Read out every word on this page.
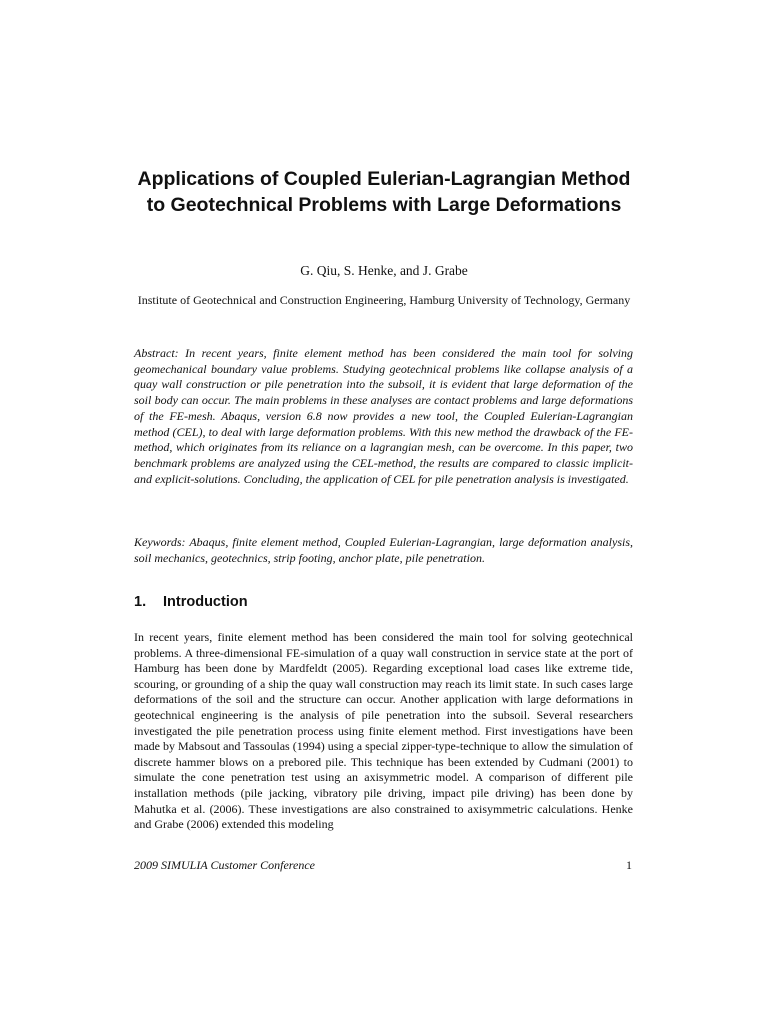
Applications of Coupled Eulerian-Lagrangian Method to Geotechnical Problems with Large Deformations

G. Qiu, S. Henke, and J. Grabe

Institute of Geotechnical and Construction Engineering, Hamburg University of Technology, Germany

Abstract: In recent years, finite element method has been considered the main tool for solving geomechanical boundary value problems. Studying geotechnical problems like collapse analysis of a quay wall construction or pile penetration into the subsoil, it is evident that large deformation of the soil body can occur. The main problems in these analyses are contact problems and large deformations of the FE-mesh. Abaqus, version 6.8 now provides a new tool, the Coupled Eulerian-Lagrangian method (CEL), to deal with large deformation problems. With this new method the drawback of the FE-method, which originates from its reliance on a lagrangian mesh, can be overcome. In this paper, two benchmark problems are analyzed using the CEL-method, the results are compared to classic implicit- and explicit-solutions. Concluding, the application of CEL for pile penetration analysis is investigated.

Keywords: Abaqus, finite element method, Coupled Eulerian-Lagrangian, large deformation analysis, soil mechanics, geotechnics, strip footing, anchor plate, pile penetration.

1. Introduction

In recent years, finite element method has been considered the main tool for solving geotechnical problems. A three-dimensional FE-simulation of a quay wall construction in service state at the port of Hamburg has been done by Mardfeldt (2005). Regarding exceptional load cases like extreme tide, scouring, or grounding of a ship the quay wall construction may reach its limit state. In such cases large deformations of the soil and the structure can occur. Another application with large deformations in geotechnical engineering is the analysis of pile penetration into the subsoil. Several researchers investigated the pile penetration process using finite element method. First investigations have been made by Mabsout and Tassoulas (1994) using a special zipper-type-technique to allow the simulation of discrete hammer blows on a prebored pile. This technique has been extended by Cudmani (2001) to simulate the cone penetration test using an axisymmetric model. A comparison of different pile installation methods (pile jacking, vibratory pile driving, impact pile driving) has been done by Mahutka et al. (2006). These investigations are also constrained to axisymmetric calculations. Henke and Grabe (2006) extended this modeling

2009 SIMULIA Customer Conference	1
